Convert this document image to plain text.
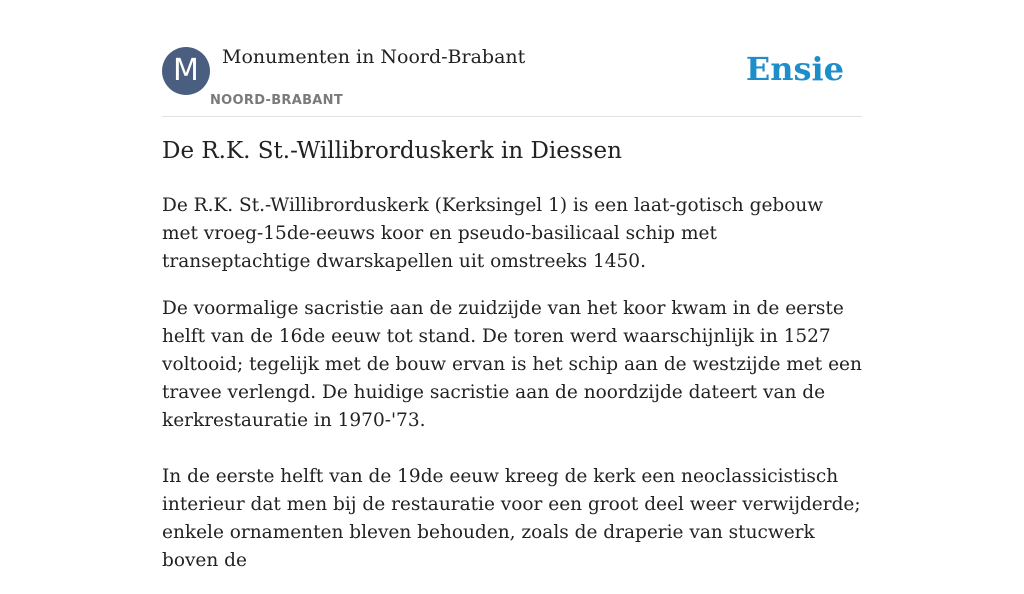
M	Monumenten in Noord-Brabant
NOORD-BRABANT
Ensie
De R.K. St.-Willibrorduskerk in Diessen

De R.K. St.-Willibrorduskerk (Kerksingel 1) is een laat-gotisch gebouw met vroeg-15de-eeuws koor en pseudo-basilicaal schip met transeptachtige dwarskapellen uit omstreeks 1450.

De voormalige sacristie aan de zuidzijde van het koor kwam in de eerste helft van de 16de eeuw tot stand. De toren werd waarschijnlijk in 1527 voltooid; tegelijk met de bouw ervan is het schip aan de westzijde met een travee verlengd. De huidige sacristie aan de noordzijde dateert van de kerkrestauratie in 1970-'73.

In de eerste helft van de 19de eeuw kreeg de kerk een neoclassicistisch interieur dat men bij de restauratie voor een groot deel weer verwijderde; enkele ornamenten bleven behouden, zoals de draperie van stucwerk boven de
